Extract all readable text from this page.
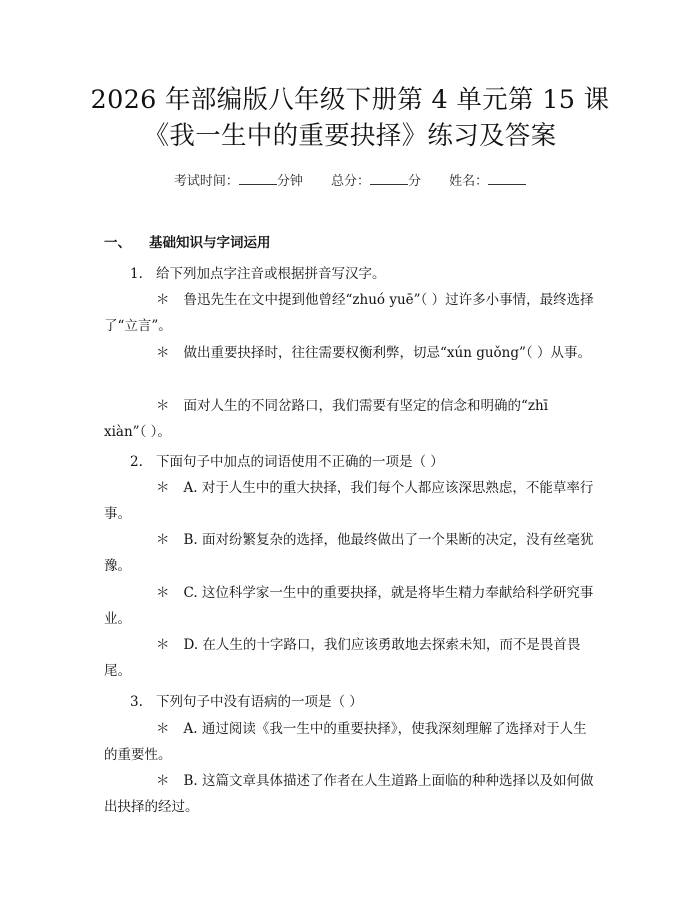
2026 年部编版八年级下册第 4 单元第 15 课
《我一生中的重要抉择》练习及答案
考试时间：	分钟 总分：	分 姓名：
一、 基础知识与字词运用
1. 给下列加点字注音或根据拼音写汉字。
＊ 鲁迅先生在文中提到他曾经“zhuó yuē”（ ）过许多小事情，最终选择了“立言”。
＊ 做出重要抉择时，往往需要权衡利弊，切忌“xún guǒng”（ ）从事。
＊ 面对人生的不同岔路口，我们需要有坚定的信念和明确的“zhī xiàn”（ ）。
2. 下面句子中加点的词语使用不正确的一项是（ ）
＊ A. 对于人生中的重大抉择，我们每个人都应该深思熟虑，不能草率行事。
＊ B. 面对纷繁复杂的选择，他最终做出了一个果断的决定，没有丝毫犹豫。
＊ C. 这位科学家一生中的重要抉择，就是将毕生精力奉献给科学研究事业。
＊ D. 在人生的十字路口，我们应该勇敢地去探索未知，而不是畏首畏尾。
3. 下列句子中没有语病的一项是（ ）
＊ A. 通过阅读《我一生中的重要抉择》，使我深刻理解了选择对于人生的重要性。
＊ B. 这篇文章具体描述了作者在人生道路上面临的种种选择以及如何做出抉择的经过。
